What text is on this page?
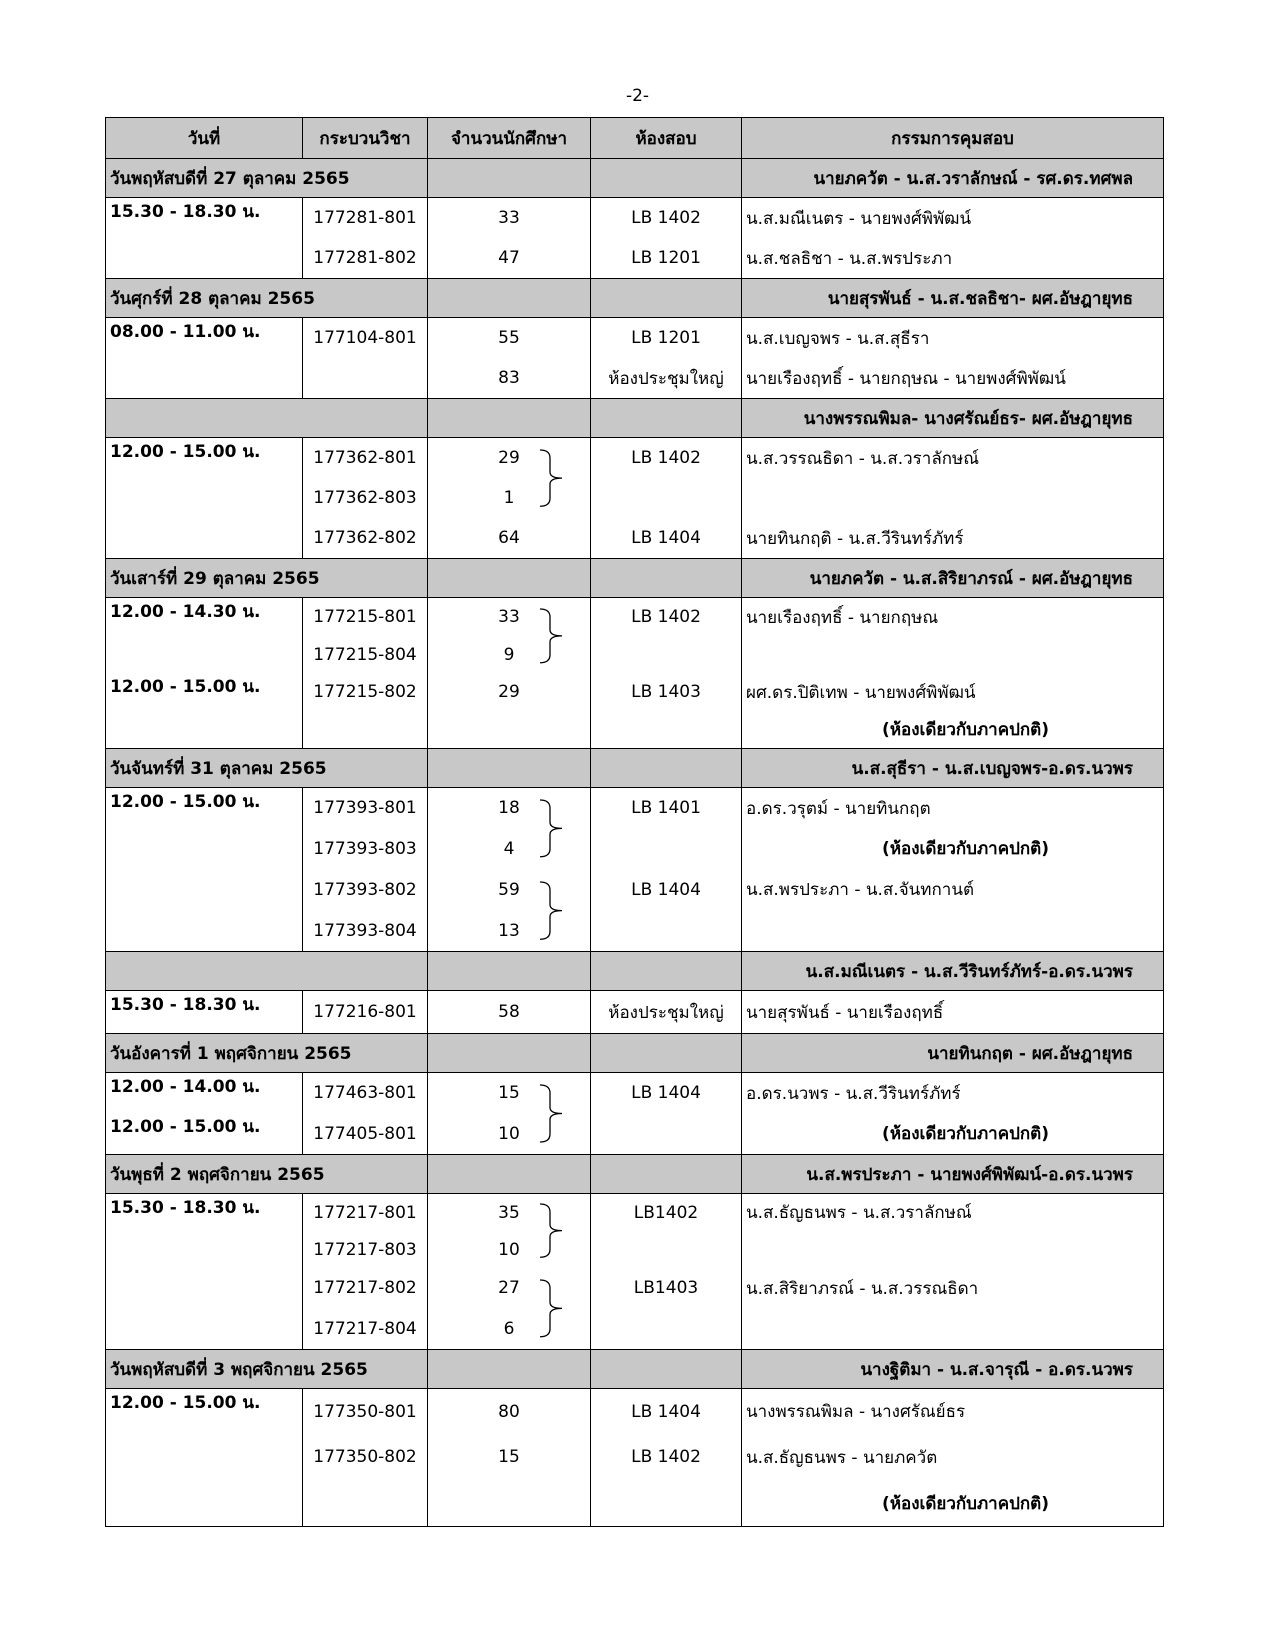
-2-
วันที่	กระบวนวิชา	จำนวนนักศึกษา	ห้องสอบ	กรรมการคุมสอบ
วันพฤหัสบดีที่ 27 ตุลาคม 2565				นายภควัต - น.ส.วราลักษณ์ - รศ.ดร.ทศพล
15.30 - 18.30 น.	177281-801	33	LB 1402	น.ส.มณีเนตร - นายพงศ์พิพัฒน์
	177281-802	47	LB 1201	น.ส.ชลธิชา - น.ส.พรประภา
วันศุกร์ที่ 28 ตุลาคม 2565				นายสุรพันธ์ - น.ส.ชลธิชา- ผศ.อัษฎายุทธ
08.00 - 11.00 น.	177104-801	55	LB 1201	น.ส.เบญจพร - น.ส.สุธีรา
		83	ห้องประชุมใหญ่	นายเรืองฤทธิ์ - นายกฤษณ - นายพงศ์พิพัฒน์
				นางพรรณพิมล- นางศรัณย์ธร- ผศ.อัษฎายุทธ
12.00 - 15.00 น.	177362-801	29	LB 1402	น.ส.วรรณธิดา - น.ส.วราลักษณ์
	177362-803	1		
	177362-802	64	LB 1404	นายทินกฤติ - น.ส.วีรินทร์ภัทร์
วันเสาร์ที่ 29 ตุลาคม 2565				นายภควัต - น.ส.สิริยาภรณ์ - ผศ.อัษฎายุทธ
12.00 - 14.30 น.	177215-801	33	LB 1402	นายเรืองฤทธิ์ - นายกฤษณ
	177215-804	9		
12.00 - 15.00 น.	177215-802	29	LB 1403	ผศ.ดร.ปิติเทพ - นายพงศ์พิพัฒน์

				(ห้องเดียวกับภาคปกติ)

วันจันทร์ที่ 31 ตุลาคม 2565				น.ส.สุธีรา - น.ส.เบญจพร-อ.ดร.นวพร
12.00 - 15.00 น.	177393-801	18	LB 1401	อ.ดร.วรุตม์ - นายทินกฤต
	177393-803	4		(ห้องเดียวกับภาคปกติ)

	177393-802	59	LB 1404	น.ส.พรประภา - น.ส.จันทกานต์
	177393-804	13		
				น.ส.มณีเนตร - น.ส.วีรินทร์ภัทร์-อ.ดร.นวพร
15.30 - 18.30 น.	177216-801	58	ห้องประชุมใหญ่	นายสุรพันธ์ - นายเรืองฤทธิ์
วันอังคารที่ 1 พฤศจิกายน 2565				นายทินกฤต - ผศ.อัษฎายุทธ
12.00 - 14.00 น.	177463-801	15	LB 1404	อ.ดร.นวพร - น.ส.วีรินทร์ภัทร์
12.00 - 15.00 น.	177405-801	10		(ห้องเดียวกับภาคปกติ)

วันพุธที่ 2 พฤศจิกายน 2565				น.ส.พรประภา - นายพงศ์พิพัฒน์-อ.ดร.นวพร
15.30 - 18.30 น.	177217-801	35	LB1402	น.ส.ธัญธนพร - น.ส.วราลักษณ์
	177217-803	10		
	177217-802	27	LB1403	น.ส.สิริยาภรณ์ - น.ส.วรรณธิดา
	177217-804	6		
วันพฤหัสบดีที่ 3 พฤศจิกายน 2565				นางฐิติมา - น.ส.จารุณี - อ.ดร.นวพร
12.00 - 15.00 น.	177350-801	80	LB 1404	นางพรรณพิมล - นางศรัณย์ธร
	177350-802	15	LB 1402	น.ส.ธัญธนพร - นายภควัต

				(ห้องเดียวกับภาคปกติ)
